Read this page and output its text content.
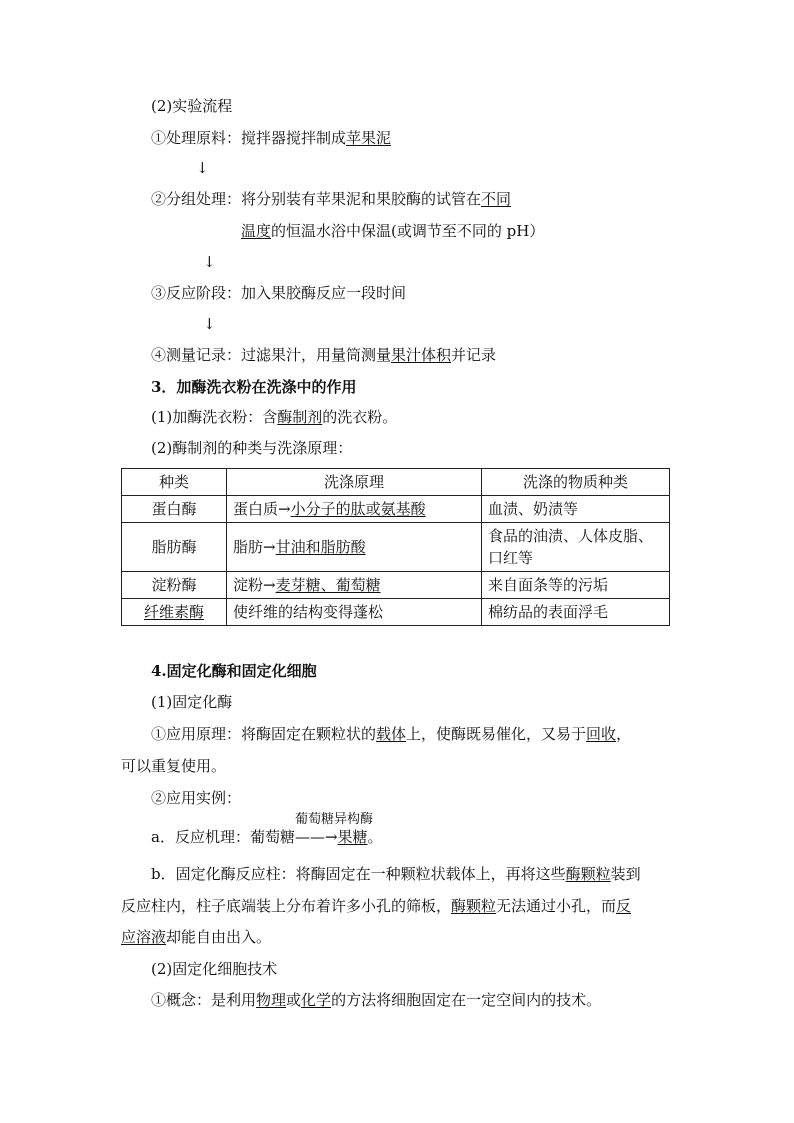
(2)实验流程
①处理原料：搅拌器搅拌制成苹果泥
↓
②分组处理：将分别装有苹果泥和果胶酶的试管在不同
温度的恒温水浴中保温(或调节至不同的 pH）
↓
③反应阶段：加入果胶酶反应一段时间
↓
④测量记录：过滤果汁，用量筒测量果汁体积并记录
3．加酶洗衣粉在洗涤中的作用
(1)加酶洗衣粉：含酶制剂的洗衣粉。
(2)酶制剂的种类与洗涤原理：
种类	洗涤原理	洗涤的物质种类
蛋白酶	蛋白质→小分子的肽或氨基酸	血渍、奶渍等
脂肪酶	脂肪→甘油和脂肪酸	食品的油渍、人体皮脂、
口红等

淀粉酶	淀粉→麦芽糖、葡萄糖	来自面条等的污垢
纤维素酶	使纤维的结构变得蓬松	棉纺品的表面浮毛
4.固定化酶和固定化细胞
(1)固定化酶
①应用原理：将酶固定在颗粒状的载体上，使酶既易催化，又易于回收，
可以重复使用。
②应用实例：
a．反应机理：葡萄糖
葡萄糖异构酶
——→果糖。
b．固定化酶反应柱：将酶固定在一种颗粒状载体上，再将这些酶颗粒装到
反应柱内，柱子底端装上分布着许多小孔的筛板，酶颗粒无法通过小孔，而反
应溶液却能自由出入。
(2)固定化细胞技术
①概念：是利用物理或化学的方法将细胞固定在一定空间内的技术。
